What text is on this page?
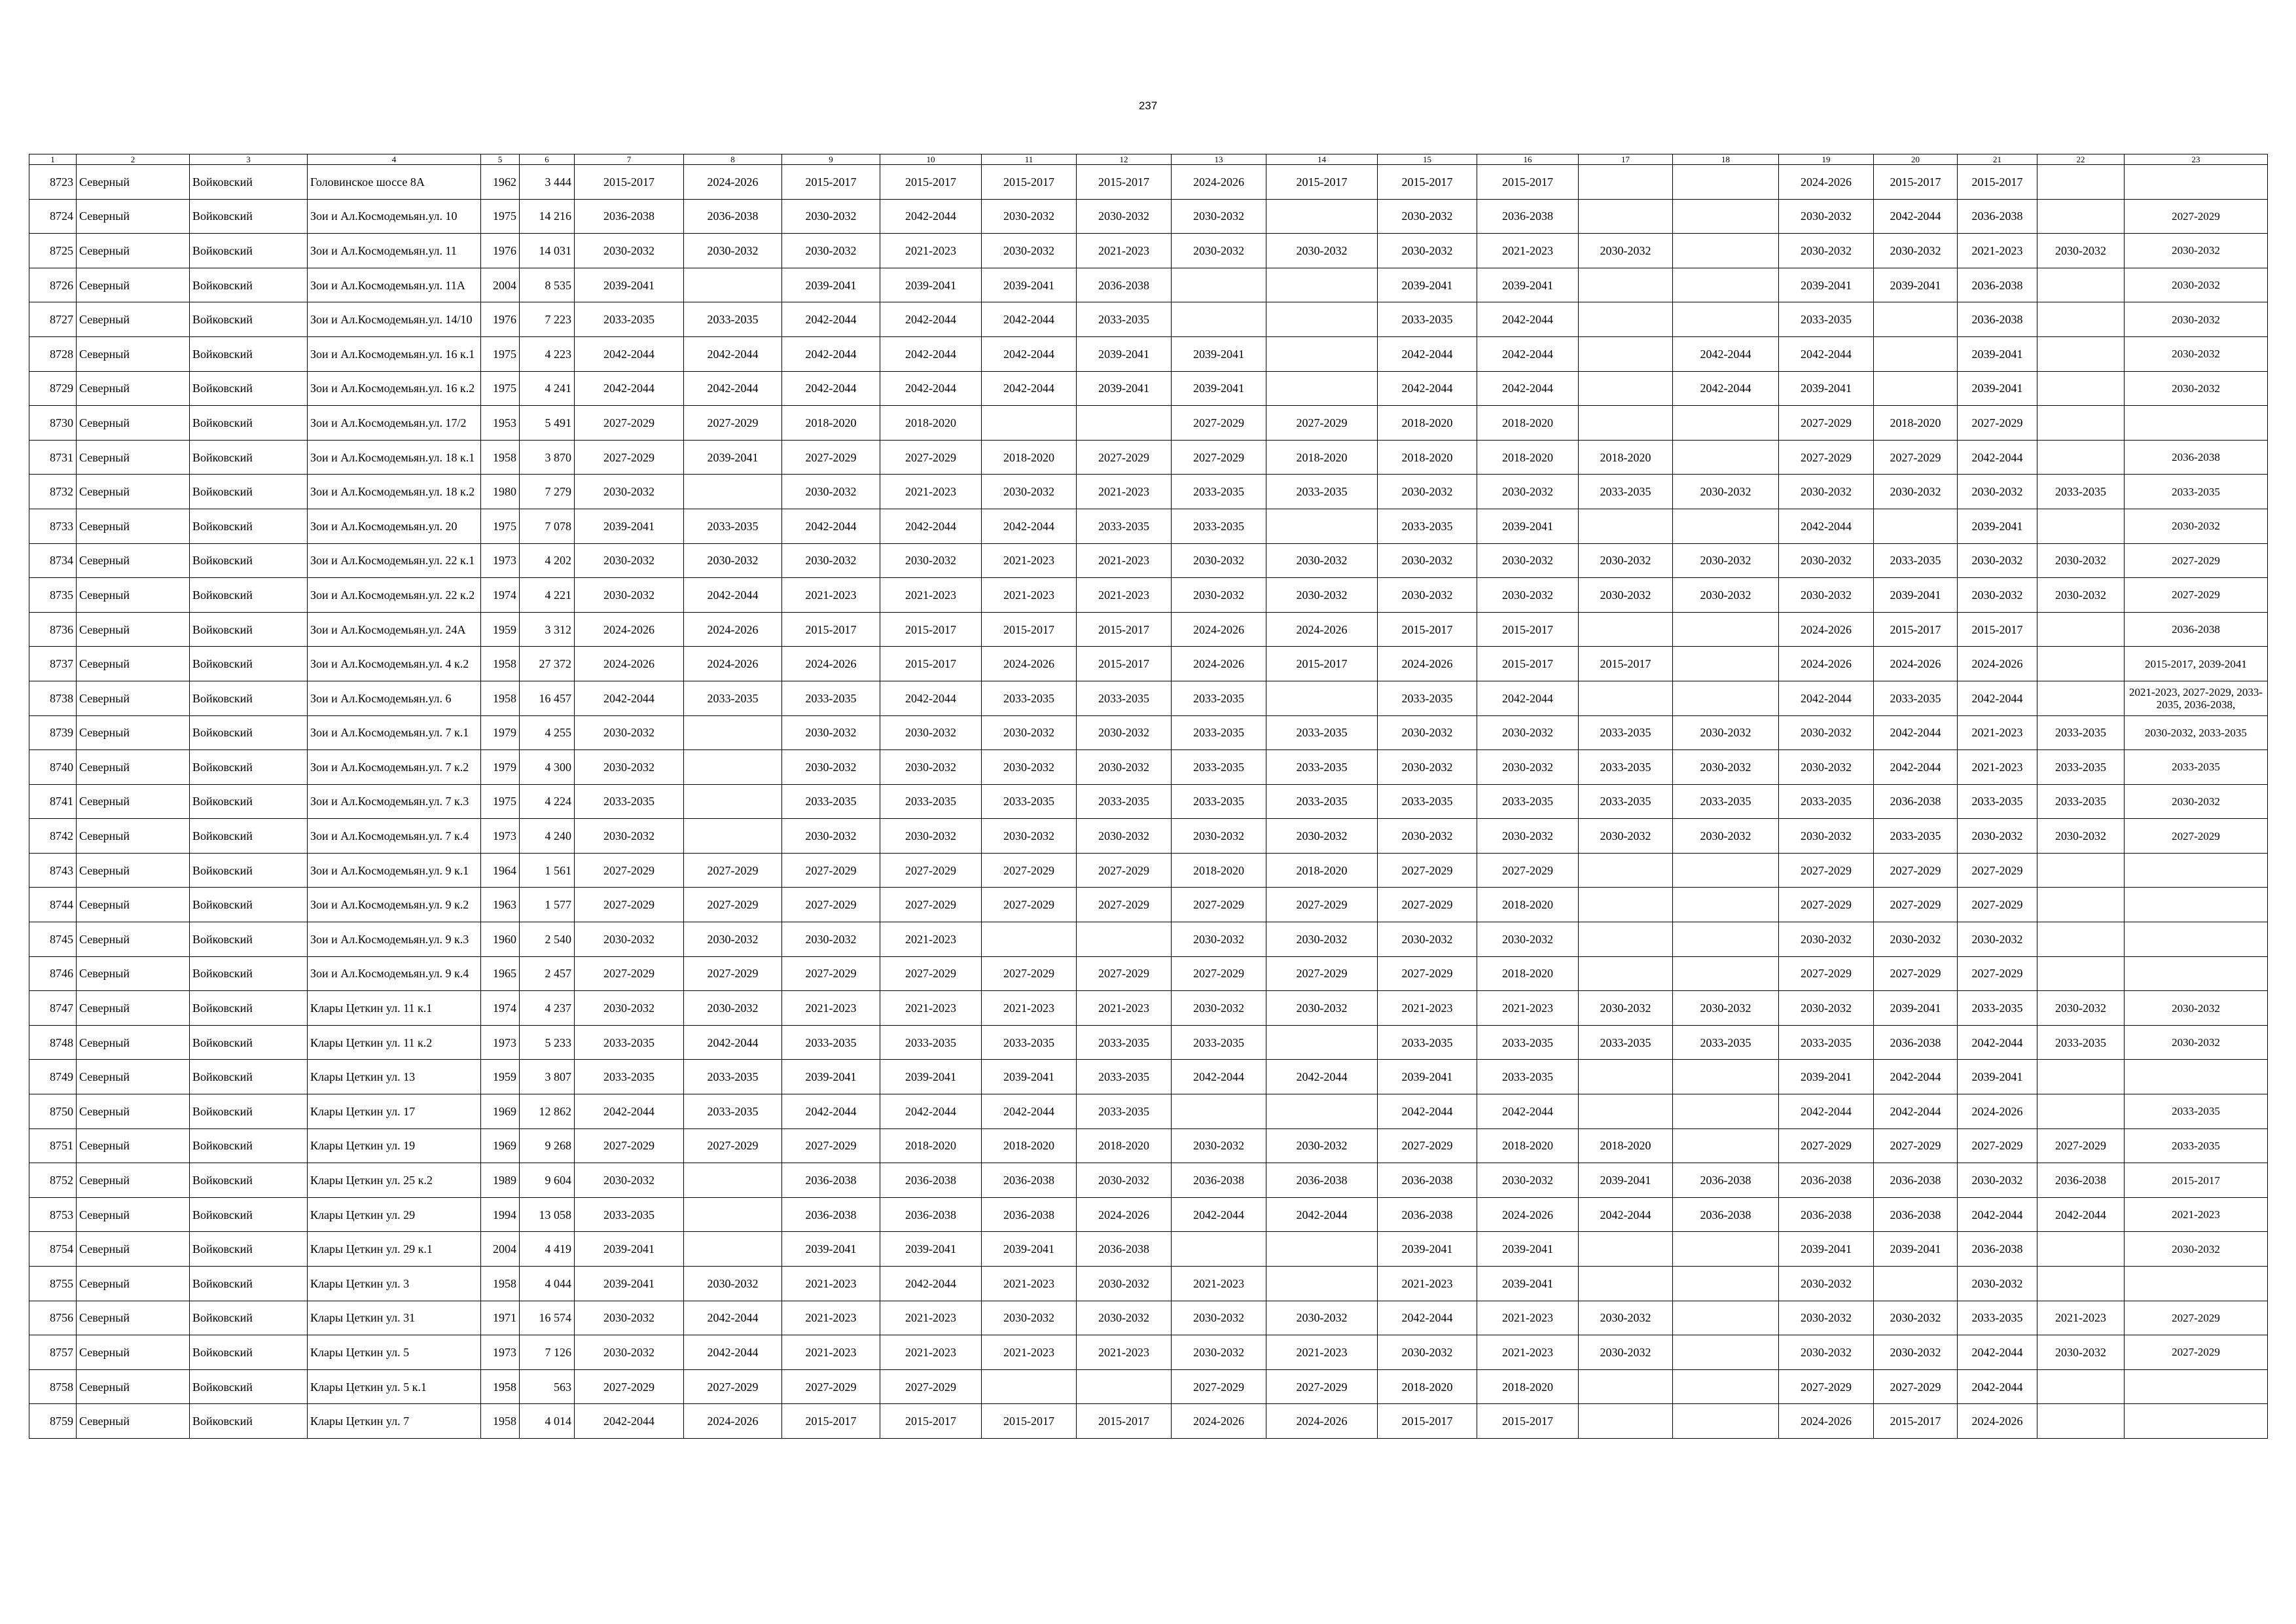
237
1	2	3	4	5	6	7	8	9	10	11	12	13	14	15	16	17	18	19	20	21	22	23
8723	Северный	Войковский	Головинское шоссе 8А	1962	3 444	2015-2017	2024-2026	2015-2017	2015-2017	2015-2017	2015-2017	2024-2026	2015-2017	2015-2017	2015-2017			2024-2026	2015-2017	2015-2017		
8724	Северный	Войковский	Зои и Ал.Космодемьян.ул. 10	1975	14 216	2036-2038	2036-2038	2030-2032	2042-2044	2030-2032	2030-2032	2030-2032		2030-2032	2036-2038			2030-2032	2042-2044	2036-2038		2027-2029
8725	Северный	Войковский	Зои и Ал.Космодемьян.ул. 11	1976	14 031	2030-2032	2030-2032	2030-2032	2021-2023	2030-2032	2021-2023	2030-2032	2030-2032	2030-2032	2021-2023	2030-2032		2030-2032	2030-2032	2021-2023	2030-2032	2030-2032
8726	Северный	Войковский	Зои и Ал.Космодемьян.ул. 11А	2004	8 535	2039-2041		2039-2041	2039-2041	2039-2041	2036-2038			2039-2041	2039-2041			2039-2041	2039-2041	2036-2038		2030-2032
8727	Северный	Войковский	Зои и Ал.Космодемьян.ул. 14/10	1976	7 223	2033-2035	2033-2035	2042-2044	2042-2044	2042-2044	2033-2035			2033-2035	2042-2044			2033-2035		2036-2038		2030-2032
8728	Северный	Войковский	Зои и Ал.Космодемьян.ул. 16 к.1	1975	4 223	2042-2044	2042-2044	2042-2044	2042-2044	2042-2044	2039-2041	2039-2041		2042-2044	2042-2044		2042-2044	2042-2044		2039-2041		2030-2032
8729	Северный	Войковский	Зои и Ал.Космодемьян.ул. 16 к.2	1975	4 241	2042-2044	2042-2044	2042-2044	2042-2044	2042-2044	2039-2041	2039-2041		2042-2044	2042-2044		2042-2044	2039-2041		2039-2041		2030-2032
8730	Северный	Войковский	Зои и Ал.Космодемьян.ул. 17/2	1953	5 491	2027-2029	2027-2029	2018-2020	2018-2020			2027-2029	2027-2029	2018-2020	2018-2020			2027-2029	2018-2020	2027-2029		
8731	Северный	Войковский	Зои и Ал.Космодемьян.ул. 18 к.1	1958	3 870	2027-2029	2039-2041	2027-2029	2027-2029	2018-2020	2027-2029	2027-2029	2018-2020	2018-2020	2018-2020	2018-2020		2027-2029	2027-2029	2042-2044		2036-2038
8732	Северный	Войковский	Зои и Ал.Космодемьян.ул. 18 к.2	1980	7 279	2030-2032		2030-2032	2021-2023	2030-2032	2021-2023	2033-2035	2033-2035	2030-2032	2030-2032	2033-2035	2030-2032	2030-2032	2030-2032	2030-2032	2033-2035	2033-2035
8733	Северный	Войковский	Зои и Ал.Космодемьян.ул. 20	1975	7 078	2039-2041	2033-2035	2042-2044	2042-2044	2042-2044	2033-2035	2033-2035		2033-2035	2039-2041			2042-2044		2039-2041		2030-2032
8734	Северный	Войковский	Зои и Ал.Космодемьян.ул. 22 к.1	1973	4 202	2030-2032	2030-2032	2030-2032	2030-2032	2021-2023	2021-2023	2030-2032	2030-2032	2030-2032	2030-2032	2030-2032	2030-2032	2030-2032	2033-2035	2030-2032	2030-2032	2027-2029
8735	Северный	Войковский	Зои и Ал.Космодемьян.ул. 22 к.2	1974	4 221	2030-2032	2042-2044	2021-2023	2021-2023	2021-2023	2021-2023	2030-2032	2030-2032	2030-2032	2030-2032	2030-2032	2030-2032	2030-2032	2039-2041	2030-2032	2030-2032	2027-2029
8736	Северный	Войковский	Зои и Ал.Космодемьян.ул. 24А	1959	3 312	2024-2026	2024-2026	2015-2017	2015-2017	2015-2017	2015-2017	2024-2026	2024-2026	2015-2017	2015-2017			2024-2026	2015-2017	2015-2017		2036-2038
8737	Северный	Войковский	Зои и Ал.Космодемьян.ул. 4 к.2	1958	27 372	2024-2026	2024-2026	2024-2026	2015-2017	2024-2026	2015-2017	2024-2026	2015-2017	2024-2026	2015-2017	2015-2017		2024-2026	2024-2026	2024-2026		2015-2017, 2039-2041
8738	Северный	Войковский	Зои и Ал.Космодемьян.ул. 6	1958	16 457	2042-2044	2033-2035	2033-2035	2042-2044	2033-2035	2033-2035	2033-2035		2033-2035	2042-2044			2042-2044	2033-2035	2042-2044		2021-2023, 2027-2029, 2033-2035, 2036-2038,
8739	Северный	Войковский	Зои и Ал.Космодемьян.ул. 7 к.1	1979	4 255	2030-2032		2030-2032	2030-2032	2030-2032	2030-2032	2033-2035	2033-2035	2030-2032	2030-2032	2033-2035	2030-2032	2030-2032	2042-2044	2021-2023	2033-2035	2030-2032, 2033-2035
8740	Северный	Войковский	Зои и Ал.Космодемьян.ул. 7 к.2	1979	4 300	2030-2032		2030-2032	2030-2032	2030-2032	2030-2032	2033-2035	2033-2035	2030-2032	2030-2032	2033-2035	2030-2032	2030-2032	2042-2044	2021-2023	2033-2035	2033-2035
8741	Северный	Войковский	Зои и Ал.Космодемьян.ул. 7 к.3	1975	4 224	2033-2035		2033-2035	2033-2035	2033-2035	2033-2035	2033-2035	2033-2035	2033-2035	2033-2035	2033-2035	2033-2035	2033-2035	2036-2038	2033-2035	2033-2035	2030-2032
8742	Северный	Войковский	Зои и Ал.Космодемьян.ул. 7 к.4	1973	4 240	2030-2032		2030-2032	2030-2032	2030-2032	2030-2032	2030-2032	2030-2032	2030-2032	2030-2032	2030-2032	2030-2032	2030-2032	2033-2035	2030-2032	2030-2032	2027-2029
8743	Северный	Войковский	Зои и Ал.Космодемьян.ул. 9 к.1	1964	1 561	2027-2029	2027-2029	2027-2029	2027-2029	2027-2029	2027-2029	2018-2020	2018-2020	2027-2029	2027-2029			2027-2029	2027-2029	2027-2029		
8744	Северный	Войковский	Зои и Ал.Космодемьян.ул. 9 к.2	1963	1 577	2027-2029	2027-2029	2027-2029	2027-2029	2027-2029	2027-2029	2027-2029	2027-2029	2027-2029	2018-2020			2027-2029	2027-2029	2027-2029		
8745	Северный	Войковский	Зои и Ал.Космодемьян.ул. 9 к.3	1960	2 540	2030-2032	2030-2032	2030-2032	2021-2023			2030-2032	2030-2032	2030-2032	2030-2032			2030-2032	2030-2032	2030-2032		
8746	Северный	Войковский	Зои и Ал.Космодемьян.ул. 9 к.4	1965	2 457	2027-2029	2027-2029	2027-2029	2027-2029	2027-2029	2027-2029	2027-2029	2027-2029	2027-2029	2018-2020			2027-2029	2027-2029	2027-2029		
8747	Северный	Войковский	Клары Цеткин ул. 11 к.1	1974	4 237	2030-2032	2030-2032	2021-2023	2021-2023	2021-2023	2021-2023	2030-2032	2030-2032	2021-2023	2021-2023	2030-2032	2030-2032	2030-2032	2039-2041	2033-2035	2030-2032	2030-2032
8748	Северный	Войковский	Клары Цеткин ул. 11 к.2	1973	5 233	2033-2035	2042-2044	2033-2035	2033-2035	2033-2035	2033-2035	2033-2035		2033-2035	2033-2035	2033-2035	2033-2035	2033-2035	2036-2038	2042-2044	2033-2035	2030-2032
8749	Северный	Войковский	Клары Цеткин ул. 13	1959	3 807	2033-2035	2033-2035	2039-2041	2039-2041	2039-2041	2033-2035	2042-2044	2042-2044	2039-2041	2033-2035			2039-2041	2042-2044	2039-2041		
8750	Северный	Войковский	Клары Цеткин ул. 17	1969	12 862	2042-2044	2033-2035	2042-2044	2042-2044	2042-2044	2033-2035			2042-2044	2042-2044			2042-2044	2042-2044	2024-2026		2033-2035
8751	Северный	Войковский	Клары Цеткин ул. 19	1969	9 268	2027-2029	2027-2029	2027-2029	2018-2020	2018-2020	2018-2020	2030-2032	2030-2032	2027-2029	2018-2020	2018-2020		2027-2029	2027-2029	2027-2029	2027-2029	2033-2035
8752	Северный	Войковский	Клары Цеткин ул. 25 к.2	1989	9 604	2030-2032		2036-2038	2036-2038	2036-2038	2030-2032	2036-2038	2036-2038	2036-2038	2030-2032	2039-2041	2036-2038	2036-2038	2036-2038	2030-2032	2036-2038	2015-2017
8753	Северный	Войковский	Клары Цеткин ул. 29	1994	13 058	2033-2035		2036-2038	2036-2038	2036-2038	2024-2026	2042-2044	2042-2044	2036-2038	2024-2026	2042-2044	2036-2038	2036-2038	2036-2038	2042-2044	2042-2044	2021-2023
8754	Северный	Войковский	Клары Цеткин ул. 29 к.1	2004	4 419	2039-2041		2039-2041	2039-2041	2039-2041	2036-2038			2039-2041	2039-2041			2039-2041	2039-2041	2036-2038		2030-2032
8755	Северный	Войковский	Клары Цеткин ул. 3	1958	4 044	2039-2041	2030-2032	2021-2023	2042-2044	2021-2023	2030-2032	2021-2023		2021-2023	2039-2041			2030-2032		2030-2032		
8756	Северный	Войковский	Клары Цеткин ул. 31	1971	16 574	2030-2032	2042-2044	2021-2023	2021-2023	2030-2032	2030-2032	2030-2032	2030-2032	2042-2044	2021-2023	2030-2032		2030-2032	2030-2032	2033-2035	2021-2023	2027-2029
8757	Северный	Войковский	Клары Цеткин ул. 5	1973	7 126	2030-2032	2042-2044	2021-2023	2021-2023	2021-2023	2021-2023	2030-2032	2021-2023	2030-2032	2021-2023	2030-2032		2030-2032	2030-2032	2042-2044	2030-2032	2027-2029
8758	Северный	Войковский	Клары Цеткин ул. 5 к.1	1958	563	2027-2029	2027-2029	2027-2029	2027-2029			2027-2029	2027-2029	2018-2020	2018-2020			2027-2029	2027-2029	2042-2044		
8759	Северный	Войковский	Клары Цеткин ул. 7	1958	4 014	2042-2044	2024-2026	2015-2017	2015-2017	2015-2017	2015-2017	2024-2026	2024-2026	2015-2017	2015-2017			2024-2026	2015-2017	2024-2026		
